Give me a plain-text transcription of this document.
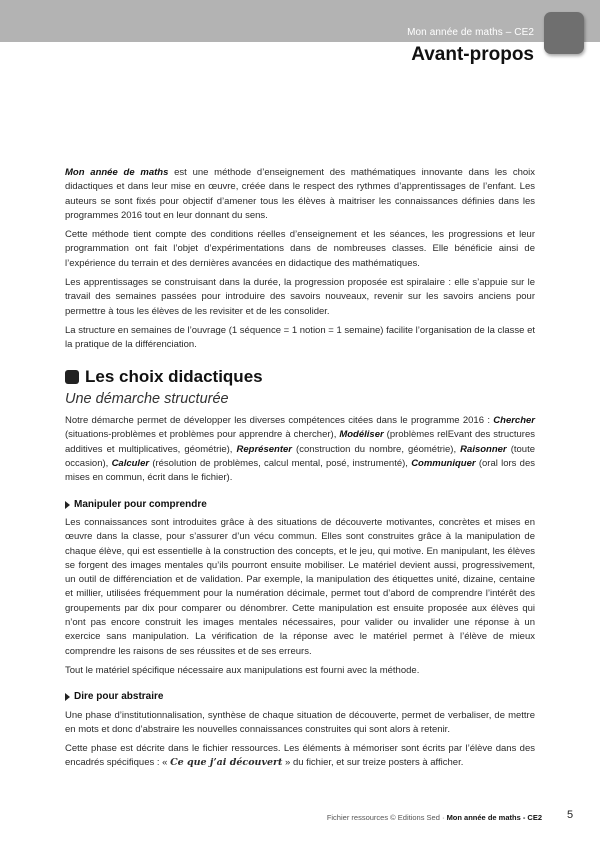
Mon année de maths – CE2
Avant-propos

Mon année de maths est une méthode d’enseignement des mathématiques innovante dans les choix didactiques et dans leur mise en œuvre, créée dans le respect des rythmes d’apprentissages de l’enfant. Les auteurs se sont fixés pour objectif d’amener tous les élèves à maitriser les connaissances définies dans les programmes 2016 tout en leur donnant du sens.

Cette méthode tient compte des conditions réelles d’enseignement et les séances, les progressions et leur programmation ont fait l’objet d’expérimentations dans de nombreuses classes. Elle bénéficie ainsi de l’expérience du terrain et des dernières avancées en didactique des mathématiques.

Les apprentissages se construisant dans la durée, la progression proposée est spiralaire : elle s’appuie sur le travail des semaines passées pour introduire des savoirs nouveaux, revenir sur les savoirs anciens pour permettre à tous les élèves de les revisiter et de les consolider.

La structure en semaines de l’ouvrage (1 séquence = 1 notion = 1 semaine) facilite l’organisation de la classe et la pratique de la différenciation.

Les choix didactiques
Une démarche structurée

Notre démarche permet de développer les diverses compétences citées dans le programme 2016 : Chercher (situations-problèmes et problèmes pour apprendre à chercher), Modéliser (problèmes relEvant des structures additives et multiplicatives, géométrie), Représenter (construction du nombre, géométrie), Raisonner (toute occasion), Calculer (résolution de problèmes, calcul mental, posé, instrumenté), Communiquer (oral lors des mises en commun, écrit dans le fichier).

Manipuler pour comprendre

Les connaissances sont introduites grâce à des situations de découverte motivantes, concrètes et mises en œuvre dans la classe, pour s’assurer d’un vécu commun. Elles sont construites grâce à la manipulation de chaque élève, qui est essentielle à la construction des concepts, et le jeu, qui motive. En manipulant, les élèves se forgent des images mentales qu’ils pourront ensuite mobiliser. Le matériel devient aussi, progressivement, un outil de différenciation et de validation. Par exemple, la manipulation des étiquettes unité, dizaine, centaine et millier, utilisées fréquemment pour la numération décimale, permet tout d’abord de comprendre l’intérêt des groupements par dix pour comparer ou dénombrer. Cette manipulation est ensuite proposée aux élèves qui n’ont pas encore construit les images mentales nécessaires, pour valider ou invalider une réponse à un exercice sans manipulation. La vérification de la réponse avec le matériel permet à l’élève de mieux comprendre les raisons de ses réussites et de ses erreurs.

Tout le matériel spécifique nécessaire aux manipulations est fourni avec la méthode.

Dire pour abstraire

Une phase d’institutionnalisation, synthèse de chaque situation de découverte, permet de verbaliser, de mettre en mots et donc d’abstraire les nouvelles connaissances construites qui sont alors à retenir.

Cette phase est décrite dans le fichier ressources. Les éléments à mémoriser sont écrits par l’élève dans des encadrés spécifiques : « Ce que j’ai découvert » du fichier, et sur treize posters à afficher.

Fichier ressources © Editions Sed · Mon année de maths - CE2 5
